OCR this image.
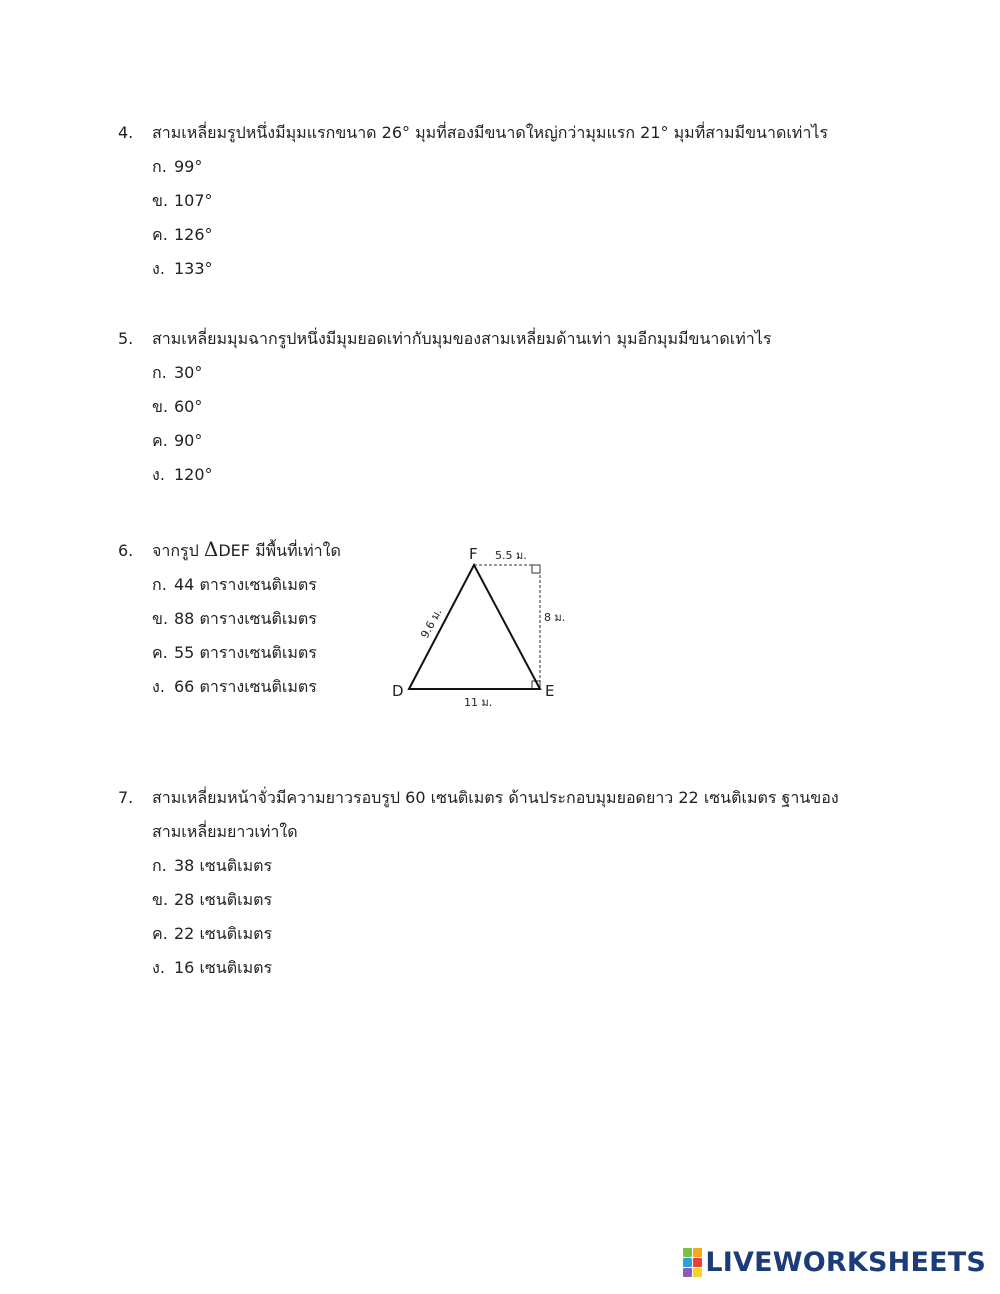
4.	สามเหลี่ยมรูปหนึ่งมีมุมแรกขนาด 26° มุมที่สองมีขนาดใหญ่กว่ามุมแรก 21° มุมที่สามมีขนาดเท่าไร
ก. 99°
ข. 107°
ค. 126°
ง. 133°
5.	สามเหลี่ยมมุมฉากรูปหนึ่งมีมุมยอดเท่ากับมุมของสามเหลี่ยมด้านเท่า มุมอีกมุมมีขนาดเท่าไร
ก. 30°
ข. 60°
ค. 90°
ง. 120°
6.	จากรูป ΔDEF มีพื้นที่เท่าใด
ก. 44 ตารางเซนติเมตร
ข. 88 ตารางเซนติเมตร
ค. 55 ตารางเซนติเมตร
ง. 66 ตารางเซนติเมตร
F
D	E
5.5 ม.
8 ม.
9.6 ม.
11 ม.
7.	สามเหลี่ยมหน้าจั่วมีความยาวรอบรูป 60 เซนติเมตร ด้านประกอบมุมยอดยาว 22 เซนติเมตร ฐานของ
สามเหลี่ยมยาวเท่าใด
ก. 38 เซนติเมตร
ข. 28 เซนติเมตร
ค. 22 เซนติเมตร
ง. 16 เซนติเมตร
LIVEWORKSHEETS
